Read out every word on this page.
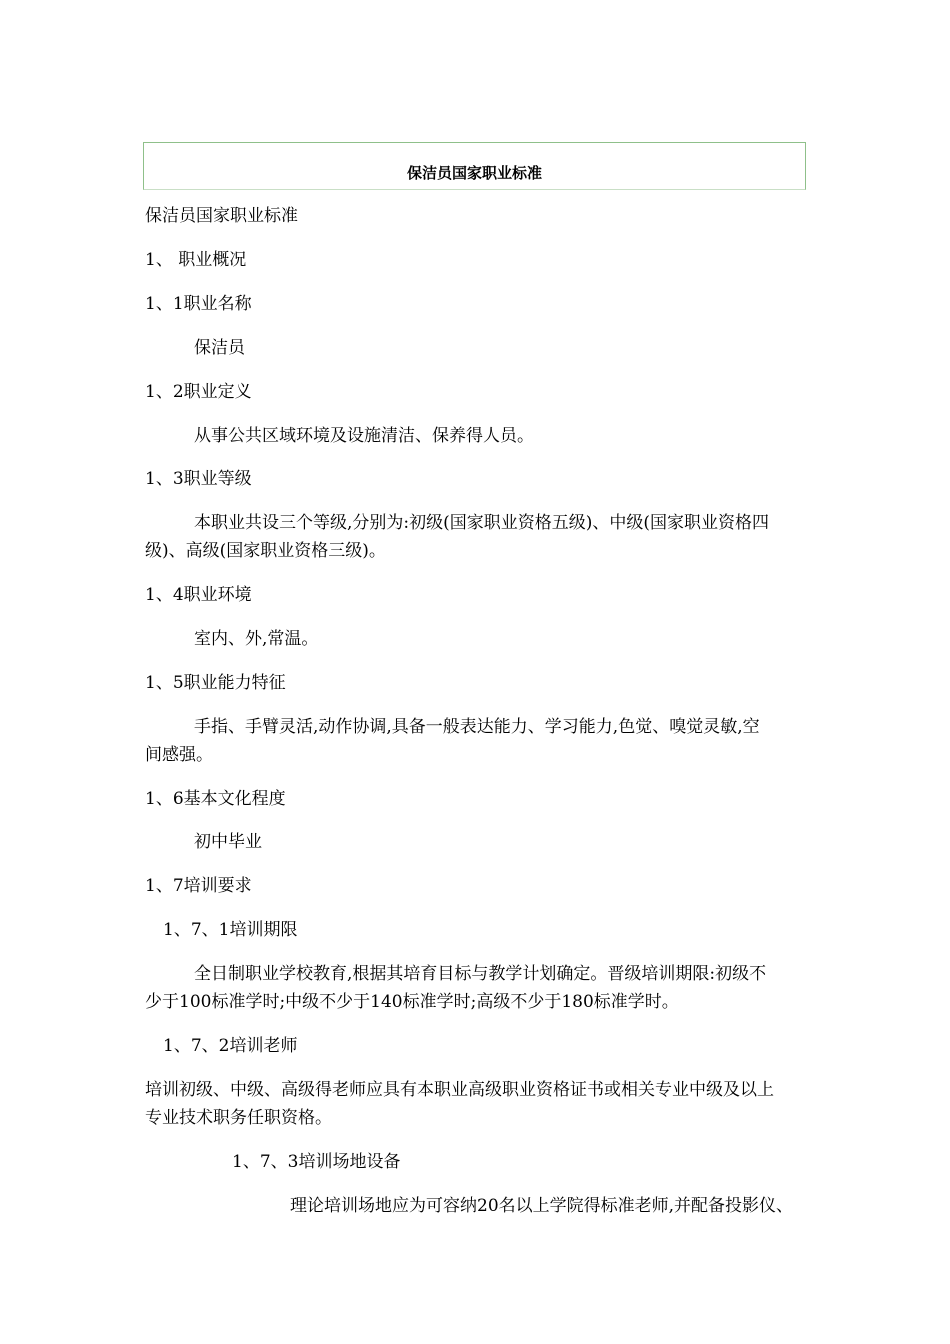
保洁员国家职业标准
保洁员国家职业标准
1、 职业概况
1、1职业名称
保洁员
1、2职业定义
从事公共区域环境及设施清洁、保养得人员。
1、3职业等级
本职业共设三个等级,分别为:初级(国家职业资格五级)、中级(国家职业资格四
级)、高级(国家职业资格三级)。
1、4职业环境
室内、外,常温。
1、5职业能力特征
手指、手臂灵活,动作协调,具备一般表达能力、学习能力,色觉、嗅觉灵敏,空
间感强。
1、6基本文化程度
初中毕业
1、7培训要求
1、7、1培训期限
全日制职业学校教育,根据其培育目标与教学计划确定。晋级培训期限:初级不
少于100标准学时;中级不少于140标准学时;高级不少于180标准学时。
1、7、2培训老师
培训初级、中级、高级得老师应具有本职业高级职业资格证书或相关专业中级及以上
专业技术职务任职资格。
1、7、3培训场地设备
理论培训场地应为可容纳20名以上学院得标准老师,并配备投影仪、
